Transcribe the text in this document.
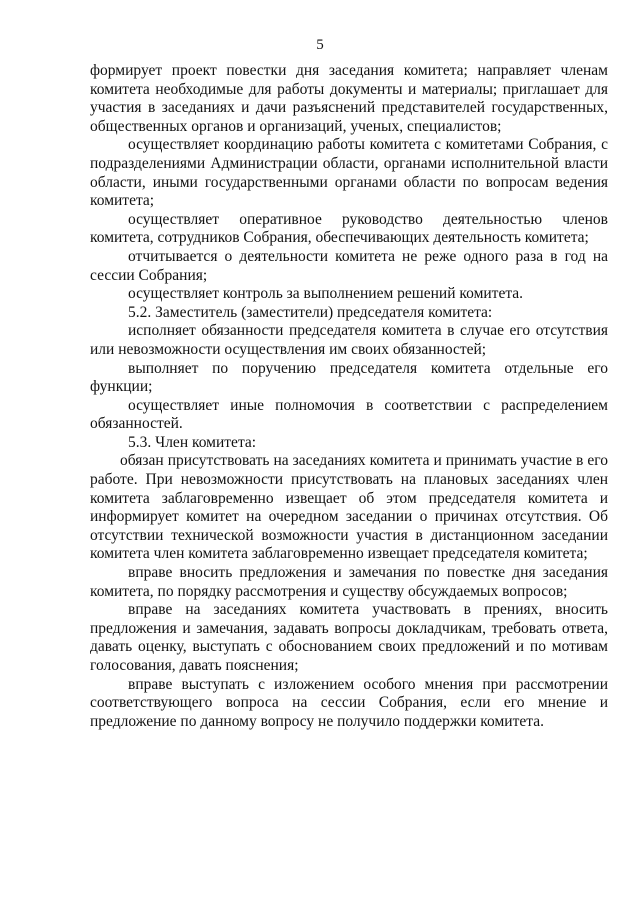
5

формирует проект повестки дня заседания комитета; направляет членам комитета необходимые для работы документы и материалы; приглашает для участия в заседаниях и дачи разъяснений представителей государственных, общественных органов и организаций, ученых, специалистов;

осуществляет координацию работы комитета с комитетами Собрания, с подразделениями Администрации области, органами исполнительной власти области, иными государственными органами области по вопросам ведения комитета;

осуществляет оперативное руководство деятельностью членов комитета, сотрудников Собрания, обеспечивающих деятельность комитета;

отчитывается о деятельности комитета не реже одного раза в год на сессии Собрания;

осуществляет контроль за выполнением решений комитета.

5.2. Заместитель (заместители) председателя комитета:

исполняет обязанности председателя комитета в случае его отсутствия или невозможности осуществления им своих обязанностей;

выполняет по поручению председателя комитета отдельные его функции;

осуществляет иные полномочия в соответствии с распределением обязанностей.

5.3. Член комитета:

обязан присутствовать на заседаниях комитета и принимать участие в его работе. При невозможности присутствовать на плановых заседаниях член комитета заблаговременно извещает об этом председателя комитета и информирует комитет на очередном заседании о причинах отсутствия. Об отсутствии технической возможности участия в дистанционном заседании комитета член комитета заблаговременно извещает председателя комитета;

вправе вносить предложения и замечания по повестке дня заседания комитета, по порядку рассмотрения и существу обсуждаемых вопросов;

вправе на заседаниях комитета участвовать в прениях, вносить предложения и замечания, задавать вопросы докладчикам, требовать ответа, давать оценку, выступать с обоснованием своих предложений и по мотивам голосования, давать пояснения;

вправе выступать с изложением особого мнения при рассмотрении соответствующего вопроса на сессии Собрания, если его мнение и предложение по данному вопросу не получило поддержки комитета.
